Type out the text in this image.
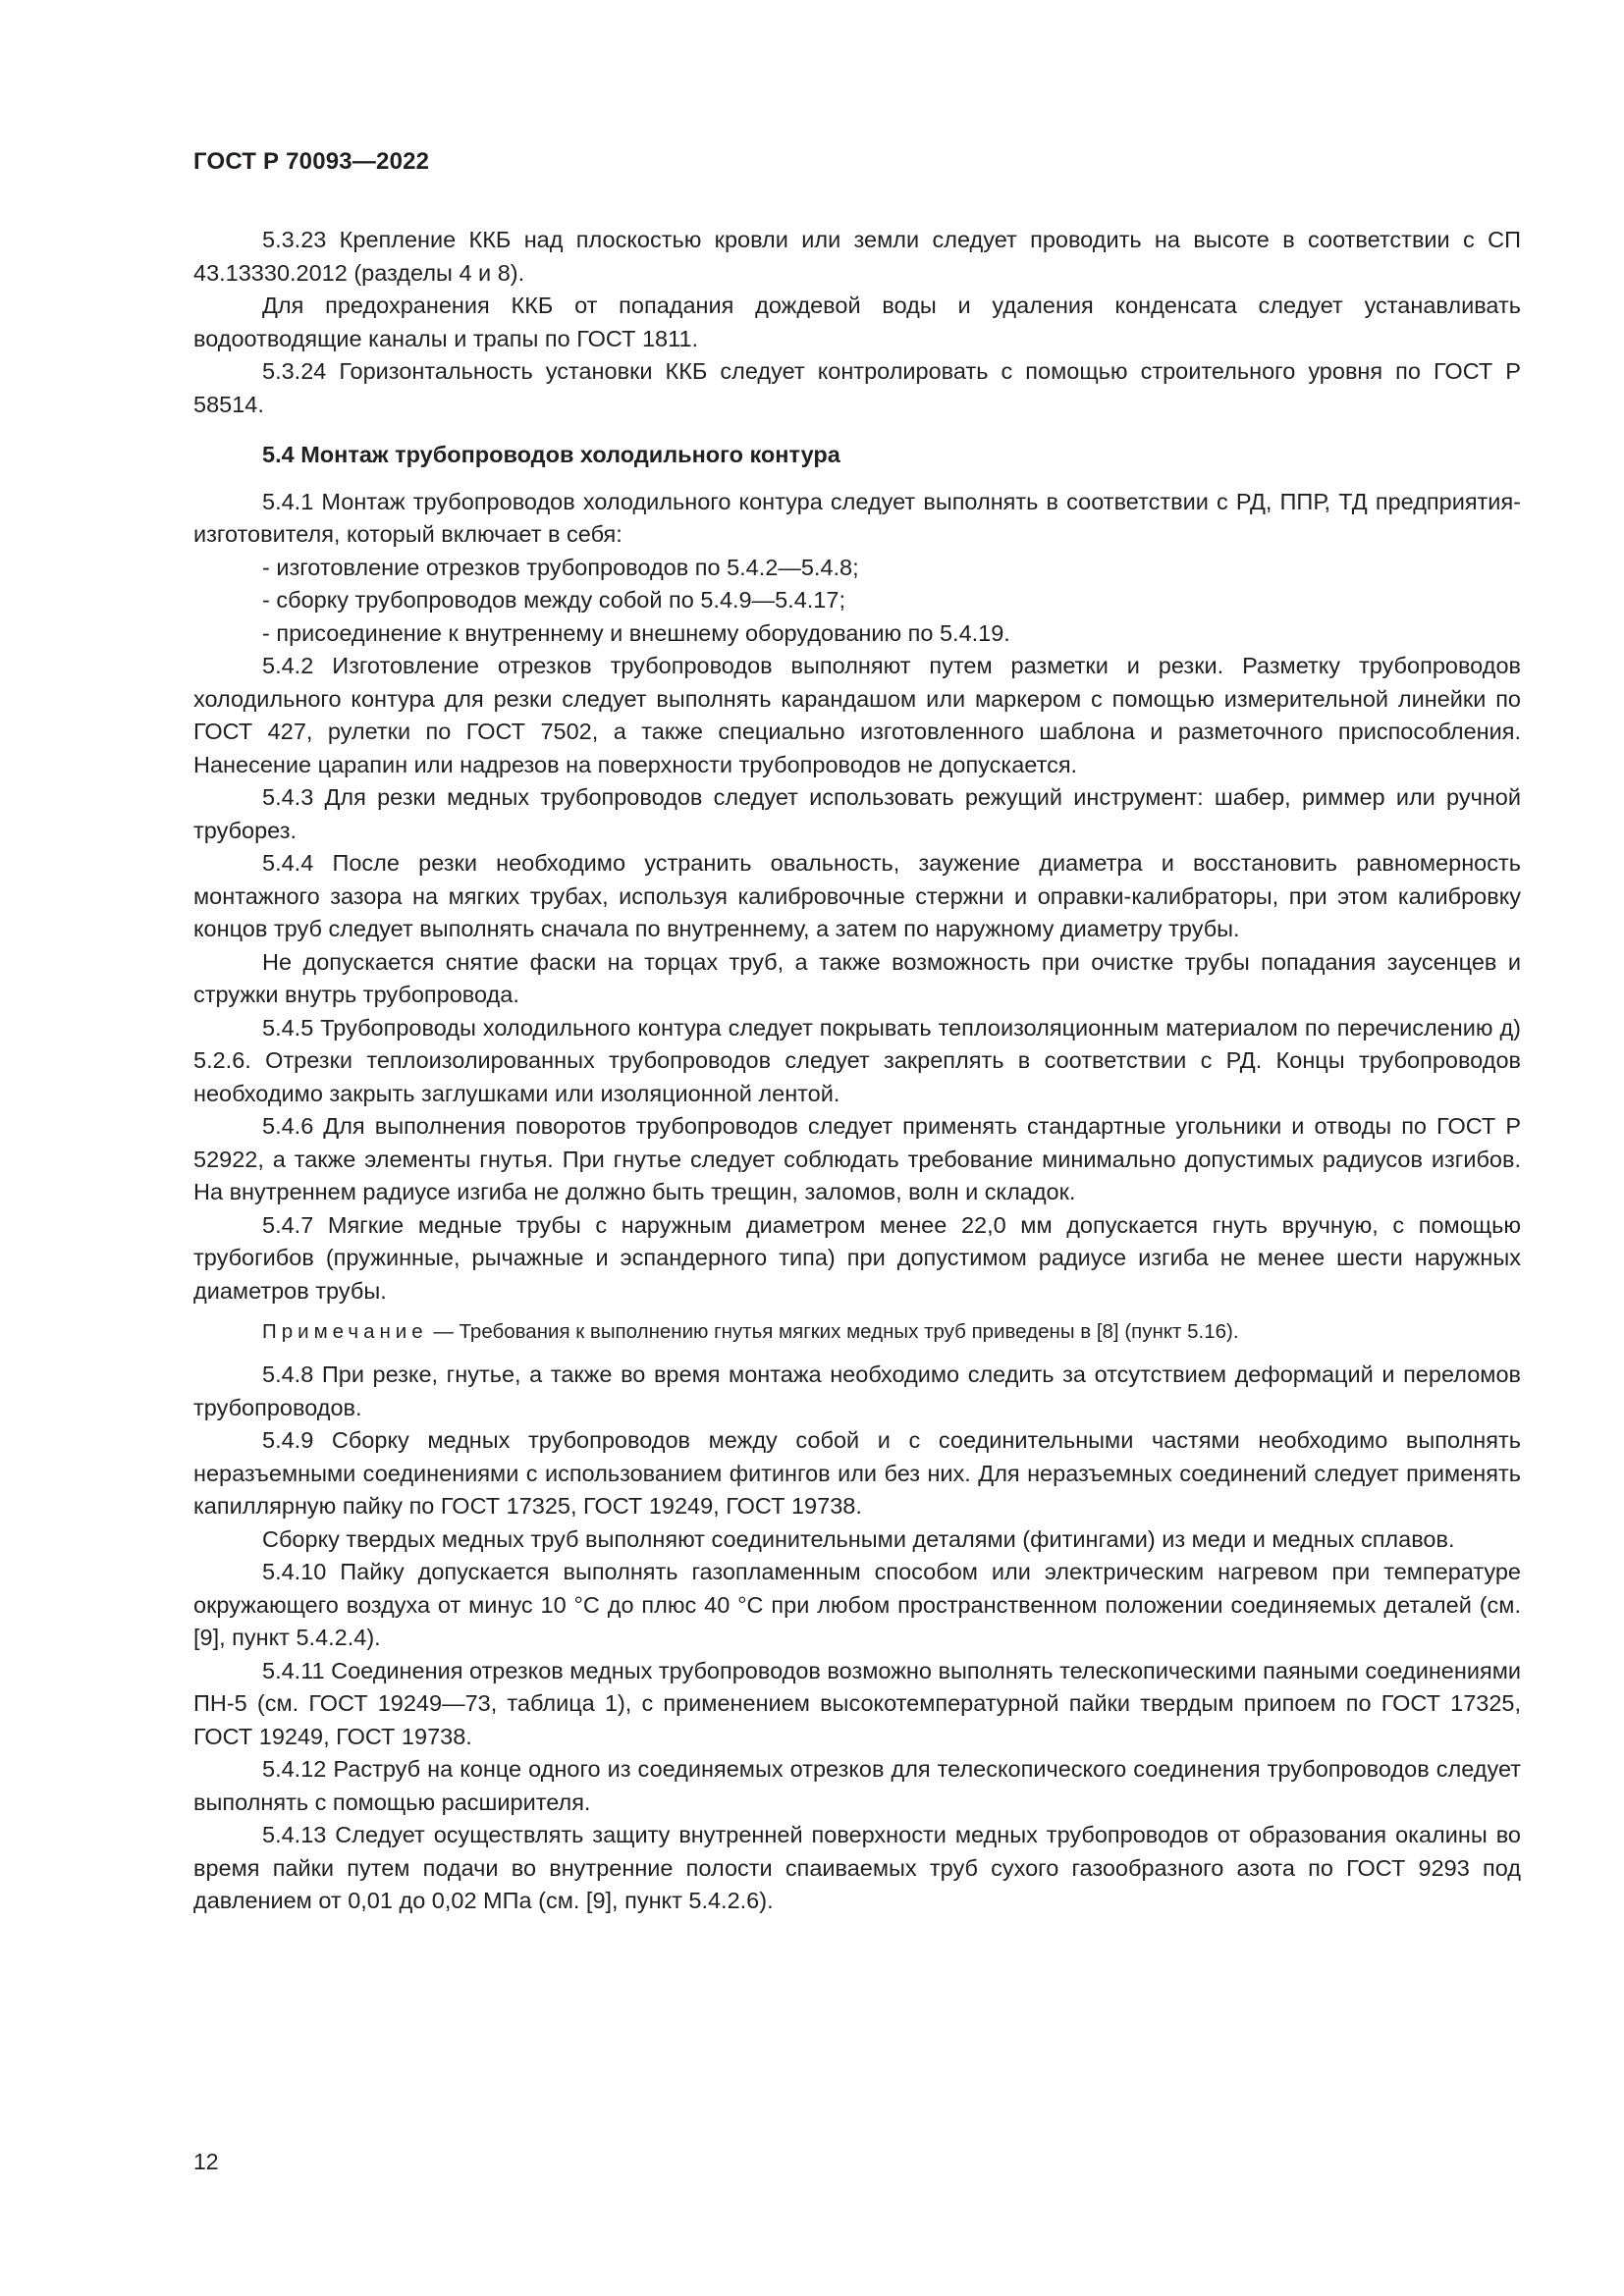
ГОСТ Р 70093—2022

5.3.23 Крепление ККБ над плоскостью кровли или земли следует проводить на высоте в соответствии с СП 43.13330.2012 (разделы 4 и 8).

Для предохранения ККБ от попадания дождевой воды и удаления конденсата следует устанавливать водоотводящие каналы и трапы по ГОСТ 1811.

5.3.24 Горизонтальность установки ККБ следует контролировать с помощью строительного уровня по ГОСТ Р 58514.

5.4 Монтаж трубопроводов холодильного контура

5.4.1 Монтаж трубопроводов холодильного контура следует выполнять в соответствии с РД, ППР, ТД предприятия-изготовителя, который включает в себя:

- изготовление отрезков трубопроводов по 5.4.2—5.4.8;

- сборку трубопроводов между собой по 5.4.9—5.4.17;

- присоединение к внутреннему и внешнему оборудованию по 5.4.19.

5.4.2 Изготовление отрезков трубопроводов выполняют путем разметки и резки. Разметку трубопроводов холодильного контура для резки следует выполнять карандашом или маркером с помощью измерительной линейки по ГОСТ 427, рулетки по ГОСТ 7502, а также специально изготовленного шаблона и разметочного приспособления. Нанесение царапин или надрезов на поверхности трубопроводов не допускается.

5.4.3 Для резки медных трубопроводов следует использовать режущий инструмент: шабер, риммер или ручной труборез.

5.4.4 После резки необходимо устранить овальность, заужение диаметра и восстановить равномерность монтажного зазора на мягких трубах, используя калибровочные стержни и оправки-калибраторы, при этом калибровку концов труб следует выполнять сначала по внутреннему, а затем по наружному диаметру трубы.

Не допускается снятие фаски на торцах труб, а также возможность при очистке трубы попадания заусенцев и стружки внутрь трубопровода.

5.4.5 Трубопроводы холодильного контура следует покрывать теплоизоляционным материалом по перечислению д) 5.2.6. Отрезки теплоизолированных трубопроводов следует закреплять в соответствии с РД. Концы трубопроводов необходимо закрыть заглушками или изоляционной лентой.

5.4.6 Для выполнения поворотов трубопроводов следует применять стандартные угольники и отводы по ГОСТ Р 52922, а также элементы гнутья. При гнутье следует соблюдать требование минимально допустимых радиусов изгибов. На внутреннем радиусе изгиба не должно быть трещин, заломов, волн и складок.

5.4.7 Мягкие медные трубы с наружным диаметром менее 22,0 мм допускается гнуть вручную, с помощью трубогибов (пружинные, рычажные и эспандерного типа) при допустимом радиусе изгиба не менее шести наружных диаметров трубы.

Примечание — Требования к выполнению гнутья мягких медных труб приведены в [8] (пункт 5.16).

5.4.8 При резке, гнутье, а также во время монтажа необходимо следить за отсутствием деформаций и переломов трубопроводов.

5.4.9 Сборку медных трубопроводов между собой и с соединительными частями необходимо выполнять неразъемными соединениями с использованием фитингов или без них. Для неразъемных соединений следует применять капиллярную пайку по ГОСТ 17325, ГОСТ 19249, ГОСТ 19738.

Сборку твердых медных труб выполняют соединительными деталями (фитингами) из меди и медных сплавов.

5.4.10 Пайку допускается выполнять газопламенным способом или электрическим нагревом при температуре окружающего воздуха от минус 10 °С до плюс 40 °С при любом пространственном положении соединяемых деталей (см. [9], пункт 5.4.2.4).

5.4.11 Соединения отрезков медных трубопроводов возможно выполнять телескопическими паяными соединениями ПН-5 (см. ГОСТ 19249—73, таблица 1), с применением высокотемпературной пайки твердым припоем по ГОСТ 17325, ГОСТ 19249, ГОСТ 19738.

5.4.12 Раструб на конце одного из соединяемых отрезков для телескопического соединения трубопроводов следует выполнять с помощью расширителя.

5.4.13 Следует осуществлять защиту внутренней поверхности медных трубопроводов от образования окалины во время пайки путем подачи во внутренние полости спаиваемых труб сухого газообразного азота по ГОСТ 9293 под давлением от 0,01 до 0,02 МПа (см. [9], пункт 5.4.2.6).

12
